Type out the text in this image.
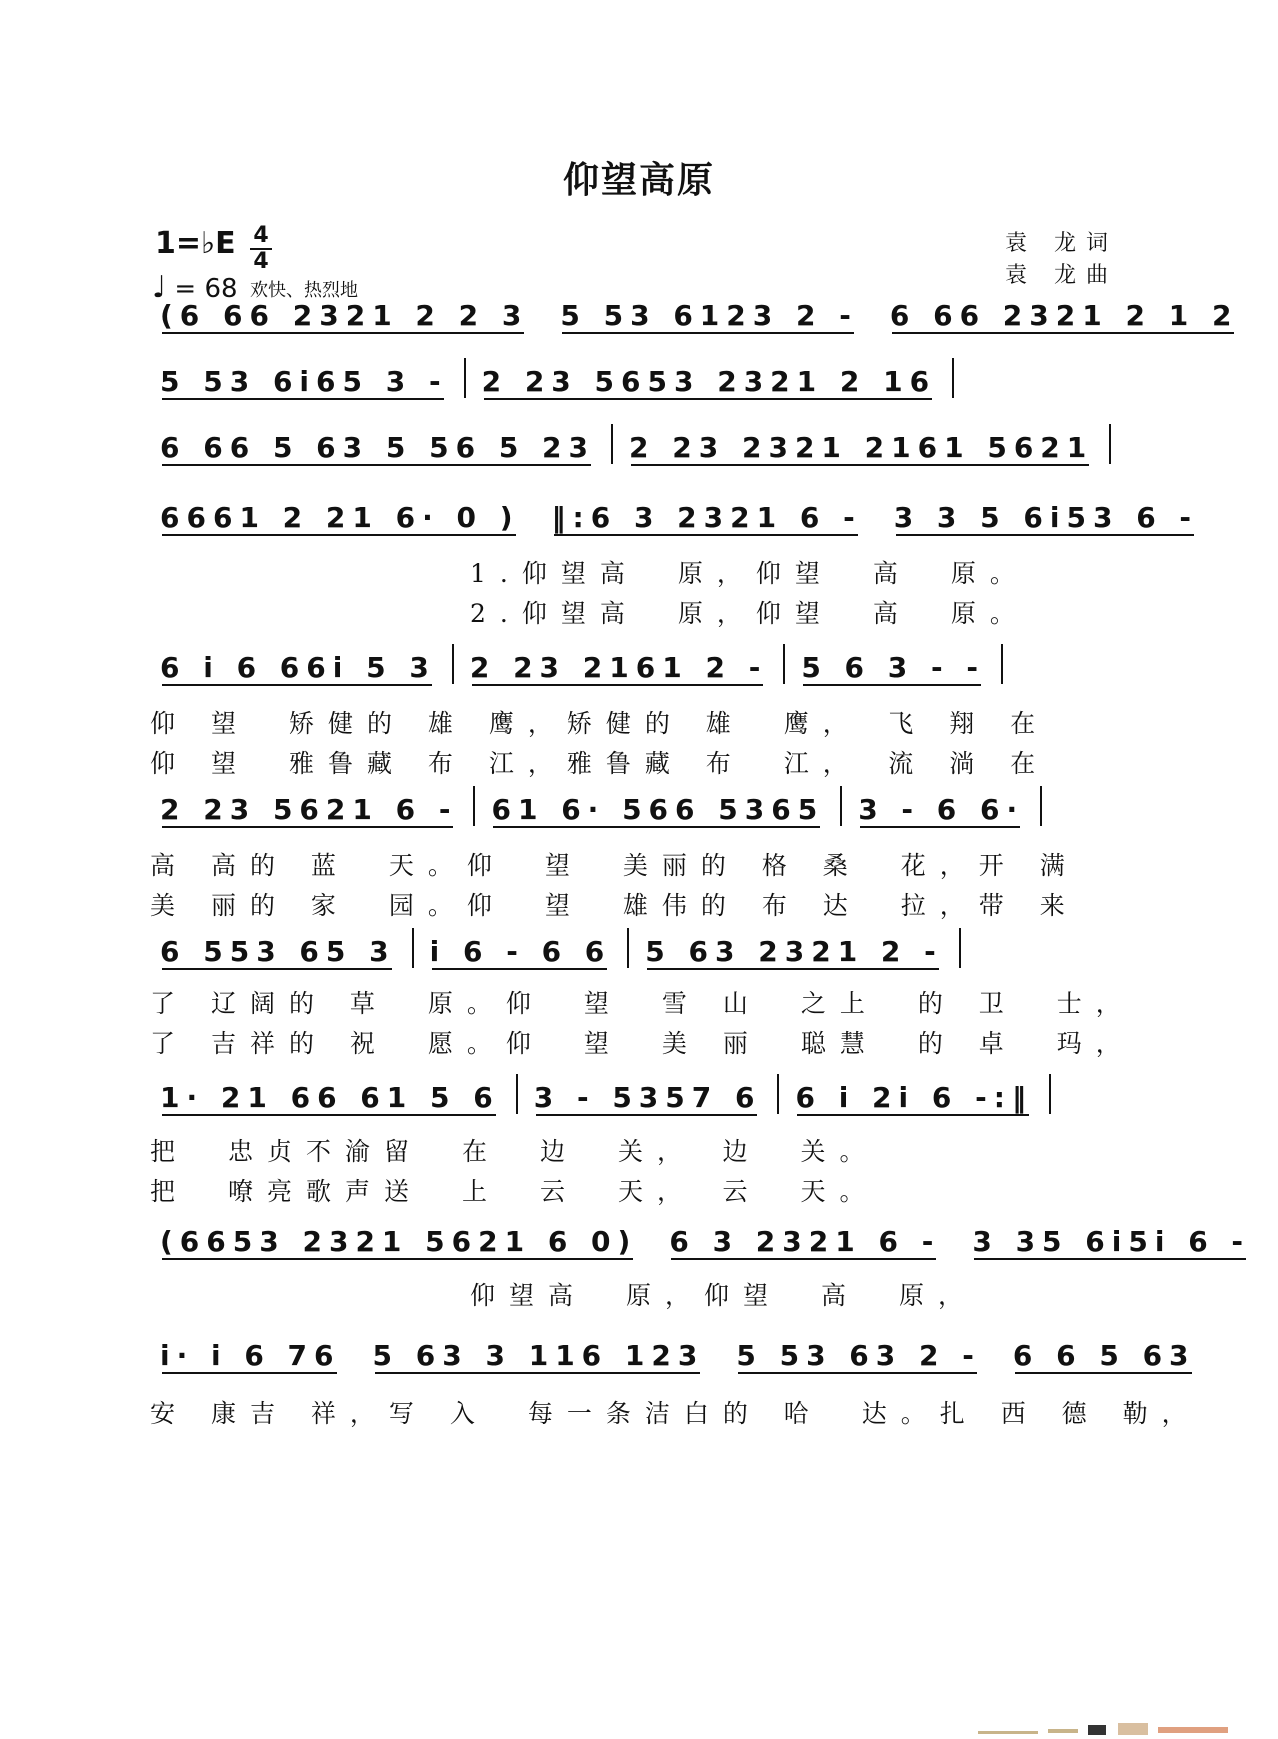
仰望高原
1=♭E 4
4
♩ = 68 欢快、热烈地
袁 龙词
袁 龙曲
(6 66 2321 2 2 3	5 53 6123 2 -	6 66 2321 2 1 2
5 53 6i65 3 -	2 23 5653 2321 2 16
6 66 5 63 5 56 5 23	2 23 2321 2161 5621
6661 2 21 6· 0 )	‖:6 3 2321 6 -	3 3 5 6i53 6 -
1.仰望高　原，仰望　高　原。
2.仰望高　原，仰望　高　原。
6 i 6 66i 5 3	2 23 2161 2 -	5 6 3 - -
仰 望　矫健的 雄 鹰，矫健的 雄　鹰，　飞 翔 在
仰 望　雅鲁藏 布 江，雅鲁藏 布　江，　流 淌 在
2 23 5621 6 -	61 6· 566 5365	3 - 6 6·
高 高的 蓝　天。仰　望　美丽的 格 桑　花，开 满
美 丽的 家　园。仰　望　雄伟的 布 达　拉，带 来
6 553 65 3	i 6 - 6 6	5 63 2321 2 -
了 辽阔的 草　原。仰　望　雪 山　之上　的 卫　士，
了 吉祥的 祝　愿。仰　望　美 丽　聪慧　的 卓　玛，
1· 21 66 61 5 6	3 - 5357 6	6 i 2i 6 -:‖
把　忠贞不渝留　在　边　关，　边　关。
把　嘹亮歌声送　上　云　天，　云　天。
(6653 2321 5621 6 0)	6 3 2321 6 -	3 35 6i5i 6 -
仰望高　原，仰望　高　原，
i· i 6 76	5 63 3 116 123	5 53 63 2 -	6 6 5 63
安 康吉 祥，写 入　每一条洁白的 哈　达。扎 西 德 勒，
